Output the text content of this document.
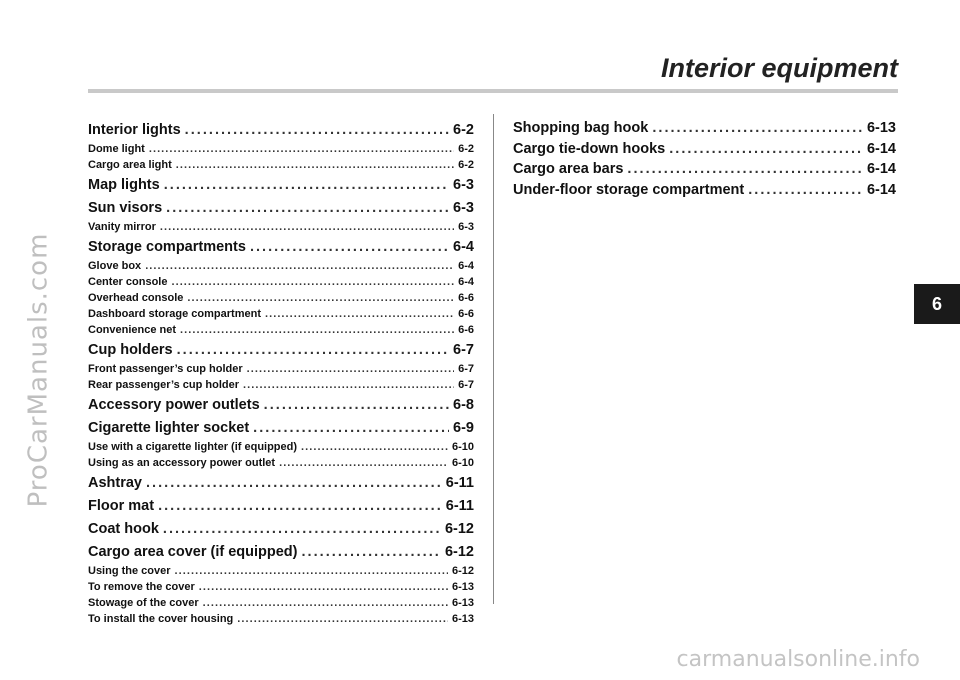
ProCarManuals.com
Interior equipment
Interior lights . . .	6-2
Dome light . . .	6-2
Cargo area light . . .	6-2
Map lights . . .	6-3
Sun visors . . .	6-3
Vanity mirror . . .	6-3
Storage compartments . . .	6-4
Glove box . . .	6-4
Center console . . .	6-4
Overhead console . . .	6-6
Dashboard storage compartment . . .	6-6
Convenience net . . .	6-6
Cup holders . . .	6-7
Front passenger’s cup holder . . .	6-7
Rear passenger’s cup holder . . .	6-7
Accessory power outlets . . .	6-8
Cigarette lighter socket . . .	6-9
Use with a cigarette lighter (if equipped) . . .	6-10
Using as an accessory power outlet . . .	6-10
Ashtray . . .	6-11
Floor mat . . .	6-11
Coat hook . . .	6-12
Cargo area cover (if equipped) . . .	6-12
Using the cover . . .	6-12
To remove the cover . . .	6-13
Stowage of the cover . . .	6-13
To install the cover housing . . .	6-13
Shopping bag hook . . .	6-13
Cargo tie-down hooks . . .	6-14
Cargo area bars . . .	6-14
Under-floor storage compartment . . .	6-14
6
carmanualsonline.info
